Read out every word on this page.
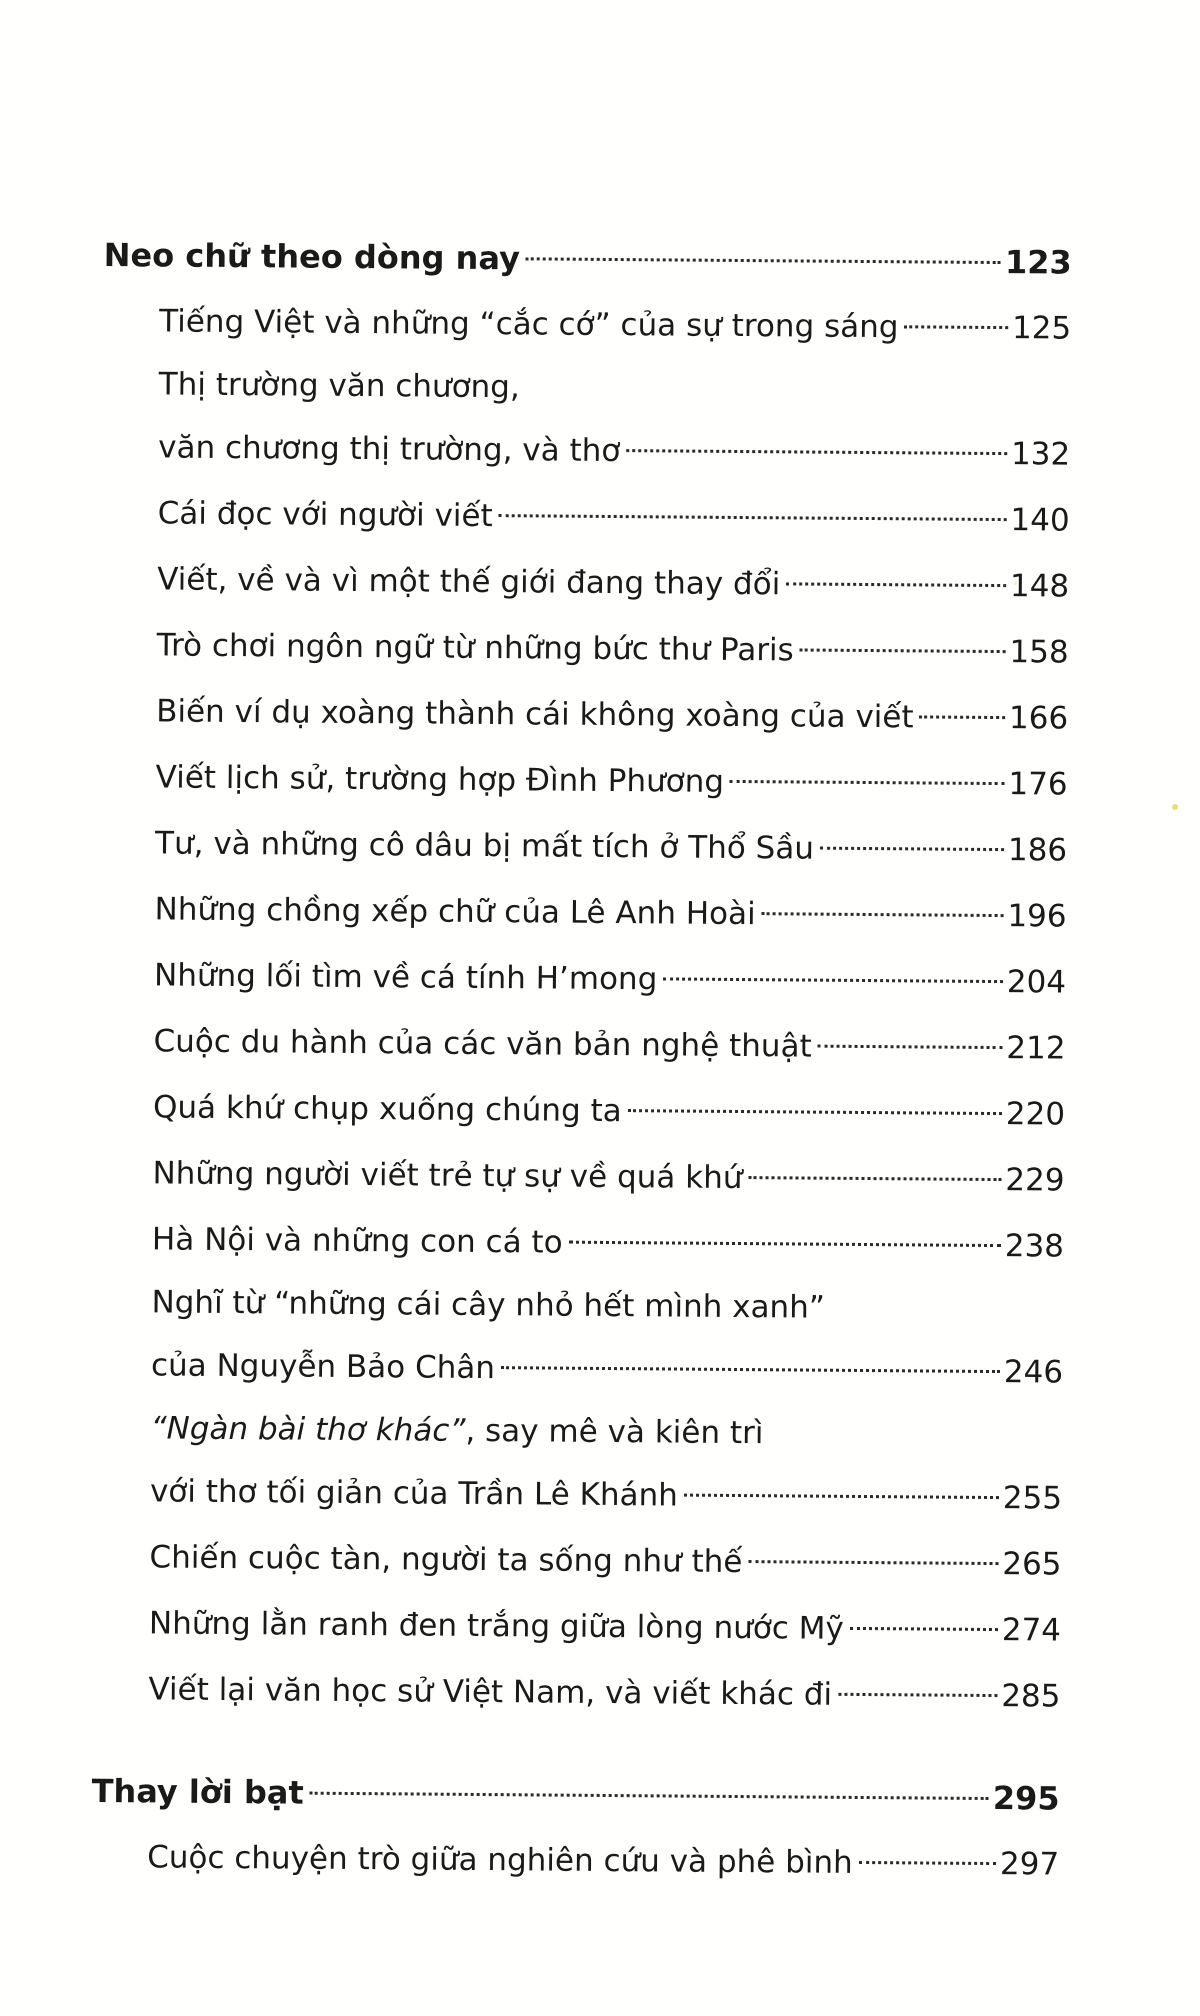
Neo chữ theo dòng nay	123
Tiếng Việt và những “cắc cớ” của sự trong sáng	125
Thị trường văn chương,
văn chương thị trường, và thơ	132
Cái đọc với người viết	140
Viết, về và vì một thế giới đang thay đổi	148
Trò chơi ngôn ngữ từ những bức thư Paris	158
Biến ví dụ xoàng thành cái không xoàng của viết	166
Viết lịch sử, trường hợp Đình Phương	176
Tư, và những cô dâu bị mất tích ở Thổ Sầu	186
Những chồng xếp chữ của Lê Anh Hoài	196
Những lối tìm về cá tính H’mong	204
Cuộc du hành của các văn bản nghệ thuật	212
Quá khứ chụp xuống chúng ta	220
Những người viết trẻ tự sự về quá khứ	229
Hà Nội và những con cá to	238
Nghĩ từ “những cái cây nhỏ hết mình xanh”
của Nguyễn Bảo Chân	246
“Ngàn bài thơ khác”, say mê và kiên trì
với thơ tối giản của Trần Lê Khánh	255
Chiến cuộc tàn, người ta sống như thế	265
Những lằn ranh đen trắng giữa lòng nước Mỹ	274
Viết lại văn học sử Việt Nam, và viết khác đi	285
Thay lời bạt	295
Cuộc chuyện trò giữa nghiên cứu và phê bình	297
